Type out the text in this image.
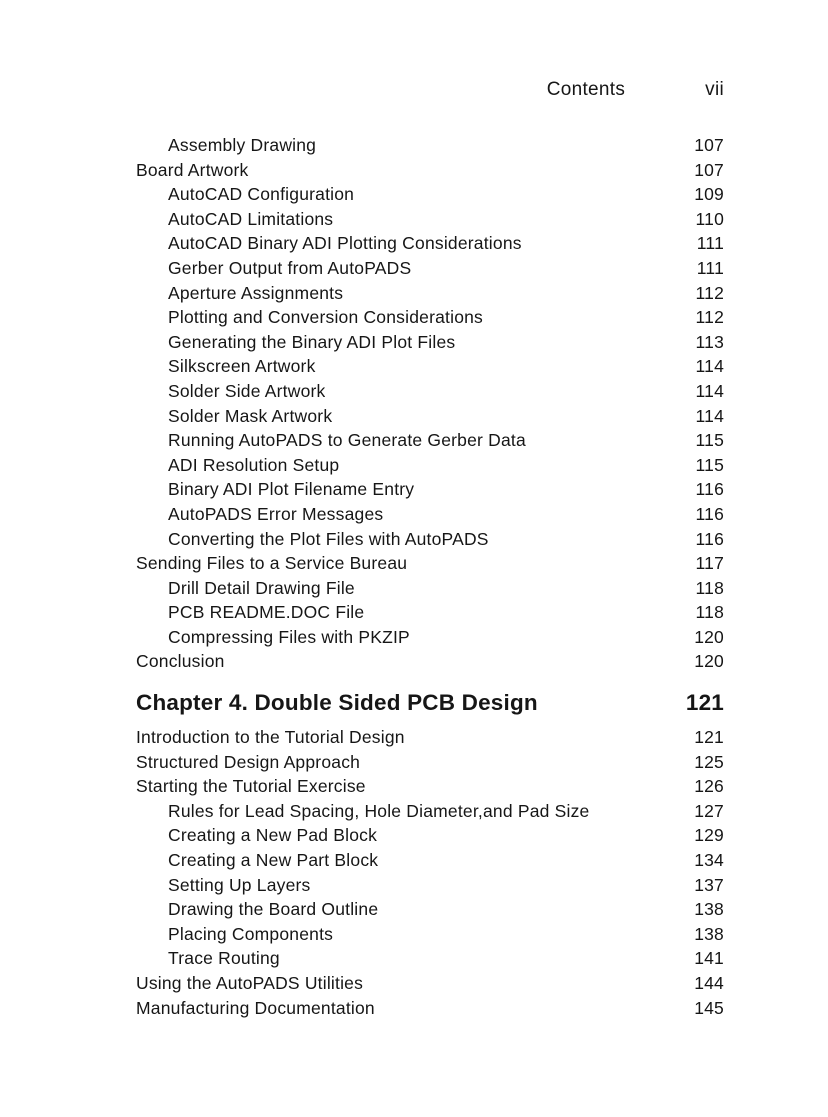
Contents	vii
Assembly Drawing	107
Board Artwork	107
AutoCAD Configuration	109
AutoCAD Limitations	110
AutoCAD Binary ADI Plotting Considerations	111
Gerber Output from AutoPADS	111
Aperture Assignments	112
Plotting and Conversion Considerations	112
Generating the Binary ADI Plot Files	113
Silkscreen Artwork	114
Solder Side Artwork	114
Solder Mask Artwork	114
Running AutoPADS to Generate Gerber Data	115
ADI Resolution Setup	115
Binary ADI Plot Filename Entry	116
AutoPADS Error Messages	116
Converting the Plot Files with AutoPADS	116
Sending Files to a Service Bureau	117
Drill Detail Drawing File	118
PCB README.DOC File	118
Compressing Files with PKZIP	120
Conclusion	120
Chapter 4. Double Sided PCB Design	121
Introduction to the Tutorial Design	121
Structured Design Approach	125
Starting the Tutorial Exercise	126
Rules for Lead Spacing, Hole Diameter,and Pad Size	127
Creating a New Pad Block	129
Creating a New Part Block	134
Setting Up Layers	137
Drawing the Board Outline	138
Placing Components	138
Trace Routing	141
Using the AutoPADS Utilities	144
Manufacturing Documentation	145
